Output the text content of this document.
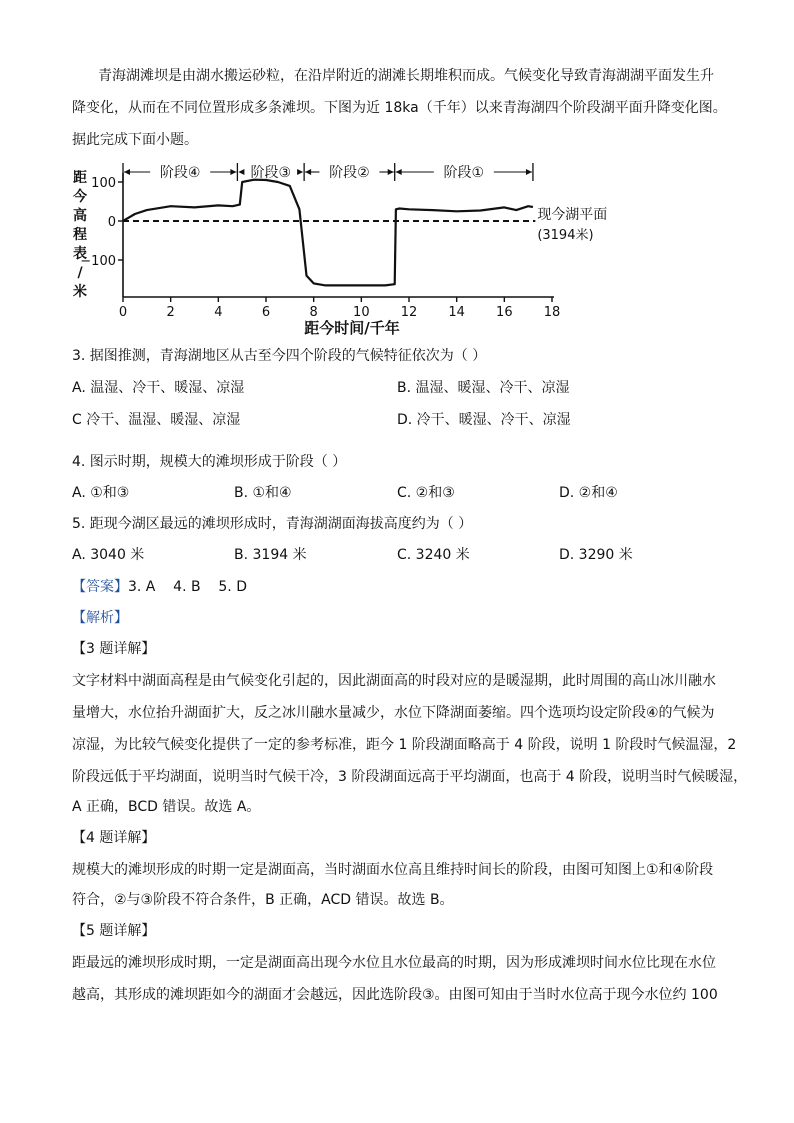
青海湖滩坝是由湖水搬运砂粒，在沿岸附近的湖滩长期堆积而成。气候变化导致青海湖湖平面发生升
降变化，从而在不同位置形成多条滩坝。下图为近 18ka（千年）以来青海湖四个阶段湖平面升降变化图。
据此完成下面小题。
距
今
高
程
表
/
米
阶段④	阶段③	阶段②	阶段①
现今湖平面
(3194米)
0	2	4	6	8	10 12 14 16 18
100
0
−100
距今时间/千年
3. 据图推测，青海湖地区从古至今四个阶段的气候特征依次为（ ）
A. 温湿、冷干、暖湿、凉湿	B. 温湿、暖湿、冷干、凉湿
C 冷干、温湿、暖湿、凉湿	D. 冷干、暖湿、冷干、凉湿
4. 图示时期，规模大的滩坝形成于阶段（ ）
A. ①和③	B. ①和④	C. ②和③	D. ②和④
5. 距现今湖区最远的滩坝形成时，青海湖湖面海拔高度约为（ ）
A. 3040 米	B. 3194 米	C. 3240 米	D. 3290 米
【答案】3. A    4. B    5. D
【解析】
【3 题详解】
文字材料中湖面高程是由气候变化引起的，因此湖面高的时段对应的是暖湿期，此时周围的高山冰川融水
量增大，水位抬升湖面扩大，反之冰川融水量减少，水位下降湖面萎缩。四个选项均设定阶段④的气候为
凉湿，为比较气候变化提供了一定的参考标准，距今 1 阶段湖面略高于 4 阶段，说明 1 阶段时气候温湿，2
阶段远低于平均湖面，说明当时气候干冷，3 阶段湖面远高于平均湖面，也高于 4 阶段，说明当时气候暖湿，
A 正确，BCD 错误。故选 A。
【4 题详解】
规模大的滩坝形成的时期一定是湖面高，当时湖面水位高且维持时间长的阶段，由图可知图上①和④阶段
符合，②与③阶段不符合条件，B 正确，ACD 错误。故选 B。
【5 题详解】
距最远的滩坝形成时期，一定是湖面高出现今水位且水位最高的时期，因为形成滩坝时间水位比现在水位
越高，其形成的滩坝距如今的湖面才会越远，因此选阶段③。由图可知由于当时水位高于现今水位约 100
